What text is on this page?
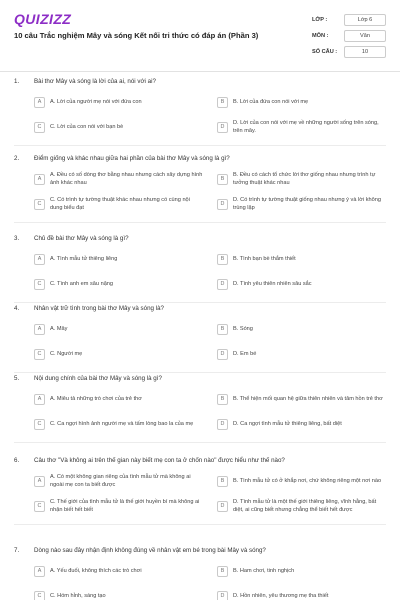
QUIZIZZ
10 câu Trắc nghiệm Mây và sóng Kết nối tri thức có đáp án (Phần 3)
LỚP :	Lớp 6
MÔN :	Văn
SỐ CÂU :	10
1.	Bài thơ Mây và sóng là lời của ai, nói với ai?
A	A. Lời của người mẹ nói với đứa con	B	B. Lời của đứa con nói với mẹ
C	C. Lời của con nói với bạn bè	D
D. Lời của con nói với mẹ về những người sống trên sóng, trên mây.
2.	Điểm giống và khác nhau giữa hai phần của bài thơ Mây và sóng là gì?
A
A. Đều có số dòng thơ bằng nhau nhưng cách xây dựng hình ảnh khác nhau
B
B. Đều có cách tổ chức lời thơ giống nhau nhưng trình tự tưởng thuật khác nhau
C
C. Có trình tự tường thuật khác nhau nhưng có cùng nội dung biểu đạt
D
D. Có trình tự tường thuật giống nhau nhưng ý và lời không trùng lặp
3.	Chủ đề bài thơ Mây và sóng là gì?
A	A. Tình mẫu tử thiêng liêng	B	B. Tình bạn bè thắm thiết
C	C. Tình anh em sâu nặng	D	D. Tình yêu thiên nhiên sâu sắc
4.	Nhân vật trữ tình trong bài thơ Mây và sóng là?
A	A. Mây	B	B. Sóng
C	C. Người mẹ	D	D. Em bé
5.	Nội dung chính của bài thơ Mây và sóng là gì?
A	A. Miêu tả những trò chơi của trẻ thơ	B	B. Thể hiện mối quan hệ giữa thiên nhiên và tâm hồn trẻ thơ
C	C. Ca ngợi hình ảnh người mẹ và tấm lòng bao la của mẹ	D	D. Ca ngợi tình mẫu tử thiêng liêng, bất diệt
6.	Câu thơ "Và không ai trên thế gian này biết mẹ con ta ở chốn nào" được hiểu như thế nào?
A
A. Có một không gian riêng của tình mẫu tử mà không ai ngoài mẹ con ta biết được
B	B. Tình mẫu tử có ở khắp nơi, chứ không riêng một nơi nào
C
C. Thế giới của tình mẫu tử là thế giới huyền bí mà không ai nhận biết hết biết
D
D. Tình mẫu tử là một thế giới thiêng liêng, vĩnh hằng, bất diệt, ai cũng biết nhưng chẳng thể biết hết được
7.	Dòng nào sau đây nhận định không đúng về nhân vật em bé trong bài Mây và sóng?
A	A. Yếu đuối, không thích các trò chơi	B	B. Ham chơi, tinh nghịch
C	C. Hóm hỉnh, sáng tạo	D	D. Hồn nhiên, yêu thương mẹ tha thiết
